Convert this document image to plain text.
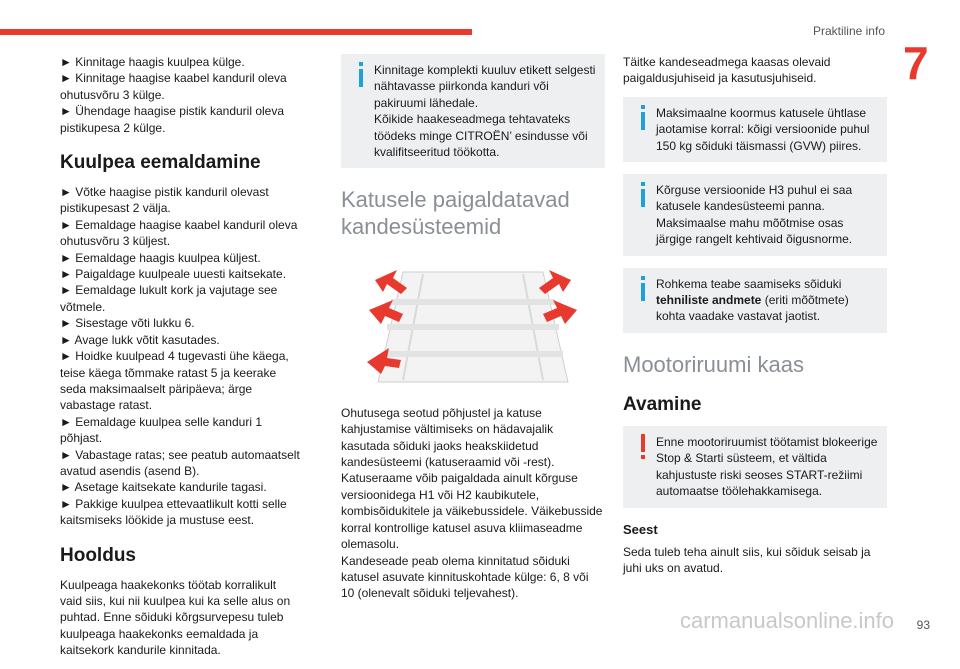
Praktiline info
7
► Kinnitage haagis kuulpea külge.
► Kinnitage haagise kaabel kanduril oleva ohutusvõru 3 külge.
► Ühendage haagise pistik kanduril oleva pistikupesa 2 külge.
Kuulpea eemaldamine
► Võtke haagise pistik kanduril olevast pistikupesast 2 välja.
► Eemaldage haagise kaabel kanduril oleva ohutusvõru 3 küljest.
► Eemaldage haagis kuulpea küljest.
► Paigaldage kuulpeale uuesti kaitsekate.
► Eemaldage lukult kork ja vajutage see võtmele.
► Sisestage võti lukku 6.
► Avage lukk võtit kasutades.
► Hoidke kuulpead 4 tugevasti ühe käega, teise käega tõmmake ratast 5 ja keerake seda maksimaalselt päripäeva; ärge vabastage ratast.
► Eemaldage kuulpea selle kanduri 1 põhjast.
► Vabastage ratas; see peatub automaatselt avatud asendis (asend B).
► Asetage kaitsekate kandurile tagasi.
► Pakkige kuulpea ettevaatlikult kotti selle kaitsmiseks löökide ja mustuse eest.
Hooldus
Kuulpeaga haakekonks töötab korralikult vaid siis, kui nii kuulpea kui ka selle alus on puhtad. Enne sõiduki kõrgsurvepesu tuleb kuulpeaga haakekonks eemaldada ja kaitsekork kandurile kinnitada.
Kinnitage komplekti kuuluv etikett selgesti nähtavasse piirkonda kanduri või pakiruumi lähedale.
Kõikide haakeseadmega tehtavateks töödeks minge CITROËN’ esindusse või kvalifitseeritud töökotta.
Katusele paigaldatavad kandesüsteemid
Ohutusega seotud põhjustel ja katuse kahjustamise vältimiseks on hädavajalik kasutada sõiduki jaoks heakskiidetud kandesüsteemi (katuseraamid või -rest).
Katuseraame võib paigaldada ainult kõrguse versioonidega H1 või H2 kaubikutele, kombisõidukitele ja väikebussidele. Väikebusside korral kontrollige katusel asuva kliimaseadme olemasolu.
Kandeseade peab olema kinnitatud sõiduki katusel asuvate kinnituskohtade külge: 6, 8 või 10 (olenevalt sõiduki teljevahest).
Täitke kandeseadmega kaasas olevaid paigaldusjuhiseid ja kasutusjuhiseid.
Maksimaalne koormus katusele ühtlase jaotamise korral: kõigi versioonide puhul 150 kg sõiduki täismassi (GVW) piires.
Kõrguse versioonide H3 puhul ei saa katusele kandesüsteemi panna.
Maksimaalse mahu mõõtmise osas järgige rangelt kehtivaid õigusnorme.
Rohkema teabe saamiseks sõiduki tehniliste andmete (eriti mõõtmete) kohta vaadake vastavat jaotist.
Mootoriruumi kaas
Avamine
Enne mootoriruumist töötamist blokeerige Stop & Starti süsteem, et vältida kahjustuste riski seoses START-režiimi automaatse töölehakkamisega.
Seest
Seda tuleb teha ainult siis, kui sõiduk seisab ja juhi uks on avatud.
carmanualsonline.info 93
